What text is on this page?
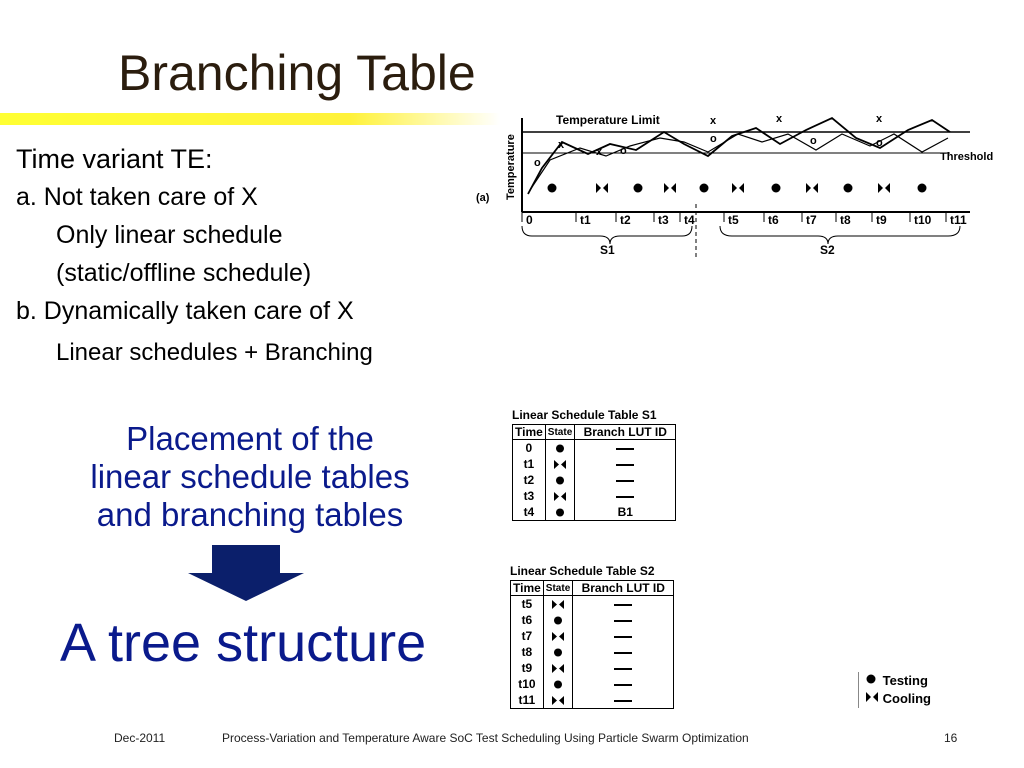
Branching Table
Time variant TE:
a. Not taken care of X
Only linear schedule
(static/offline schedule)
b. Dynamically taken care of X
Linear schedules + Branching
Placement of the
linear schedule tables
and branching tables
A tree structure
(a) Temperature
Temperature Limit
Threshold
x
x
o
o
x	x	x
o	o	o
0	t1 t2 t3 t4	t5 t6 t7 t8 t9 t10 t11
S1	S2
Linear Schedule Table S1
Time	State	Branch LUT ID
0		
t1		
t2		
t3		
t4		B1
Linear Schedule Table S2
Time	State	Branch LUT ID
t5		
t6		
t7		
t8		
t9		
t10		
t11		
Testing
Cooling
Dec-2011	Process-Variation and Temperature Aware SoC Test Scheduling Using Particle Swarm Optimization	16
